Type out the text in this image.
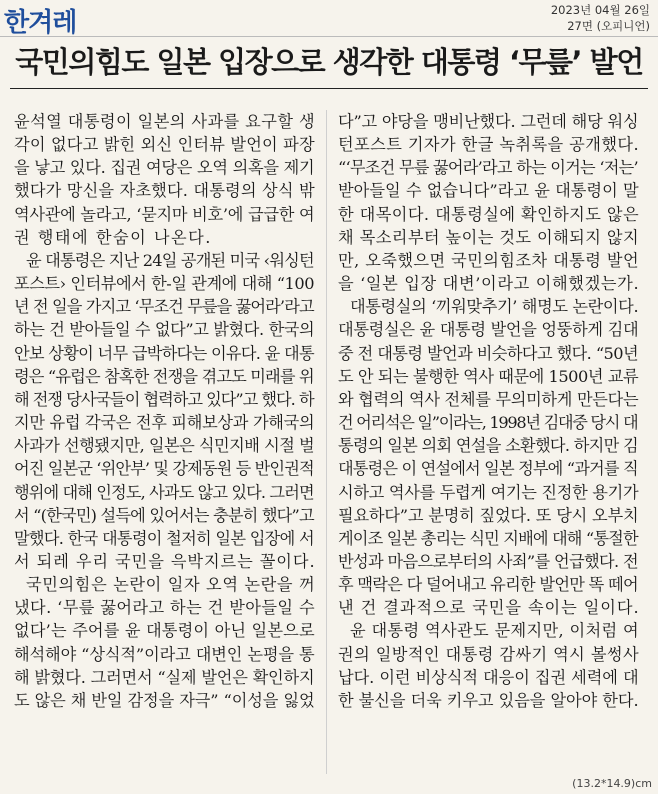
한겨레	2023년 04월 26일
27면 (오피니언)
국민의힘도 일본 입장으로 생각한 대통령 ‘무릎’ 발언
윤석열 대통령이 일본의 사과를 요구할 생
각이 없다고 밝힌 외신 인터뷰 발언이 파장
을 낳고 있다. 집권 여당은 오역 의혹을 제기
했다가 망신을 자초했다. 대통령의 상식 밖
역사관에 놀라고, ‘묻지마 비호’에 급급한 여
권 행태에 한숨이 나온다.
윤 대통령은 지난 24일 공개된 미국 ‹워싱턴
포스트› 인터뷰에서 한-일 관계에 대해 “100
년 전 일을 가지고 ‘무조건 무릎을 꿇어라’라고
하는 건 받아들일 수 없다”고 밝혔다. 한국의
안보 상황이 너무 급박하다는 이유다. 윤 대통
령은 “유럽은 참혹한 전쟁을 겪고도 미래를 위
해 전쟁 당사국들이 협력하고 있다”고 했다. 하
지만 유럽 각국은 전후 피해보상과 가해국의
사과가 선행됐지만, 일본은 식민지배 시절 벌
어진 일본군 ‘위안부’ 및 강제동원 등 반인권적
행위에 대해 인정도, 사과도 않고 있다. 그러면
서 “(한국민) 설득에 있어서는 충분히 했다”고
말했다. 한국 대통령이 철저히 일본 입장에 서
서 되레 우리 국민을 윽박지르는 꼴이다.
국민의힘은 논란이 일자 오역 논란을 꺼
냈다. ‘무릎 꿇어라고 하는 건 받아들일 수
없다’는 주어를 윤 대통령이 아닌 일본으로
해석해야 “상식적”이라고 대변인 논평을 통
해 밝혔다. 그러면서 “실제 발언은 확인하지
도 않은 채 반일 감정을 자극” “이성을 잃었
다”고 야당을 맹비난했다. 그런데 해당 워싱
턴포스트 기자가 한글 녹취록을 공개했다.
“‘무조건 무릎 꿇어라’라고 하는 이거는 ‘저는’
받아들일 수 없습니다”라고 윤 대통령이 말
한 대목이다. 대통령실에 확인하지도 않은
채 목소리부터 높이는 것도 이해되지 않지
만, 오죽했으면 국민의힘조차 대통령 발언
을 ‘일본 입장 대변’이라고 이해했겠는가.
대통령실의 ‘끼워맞추기’ 해명도 논란이다.
대통령실은 윤 대통령 발언을 엉뚱하게 김대
중 전 대통령 발언과 비슷하다고 했다. “50년
도 안 되는 불행한 역사 때문에 1500년 교류
와 협력의 역사 전체를 무의미하게 만든다는
건 어리석은 일”이라는, 1998년 김대중 당시 대
통령의 일본 의회 연설을 소환했다. 하지만 김
대통령은 이 연설에서 일본 정부에 “과거를 직
시하고 역사를 두렵게 여기는 진정한 용기가
필요하다”고 분명히 짚었다. 또 당시 오부치
게이조 일본 총리는 식민 지배에 대해 “통절한
반성과 마음으로부터의 사죄”를 언급했다. 전
후 맥락은 다 덜어내고 유리한 발언만 똑 떼어
낸 건 결과적으로 국민을 속이는 일이다.
윤 대통령 역사관도 문제지만, 이처럼 여
권의 일방적인 대통령 감싸기 역시 볼썽사
납다. 이런 비상식적 대응이 집권 세력에 대
한 불신을 더욱 키우고 있음을 알아야 한다.
(13.2*14.9)cm
